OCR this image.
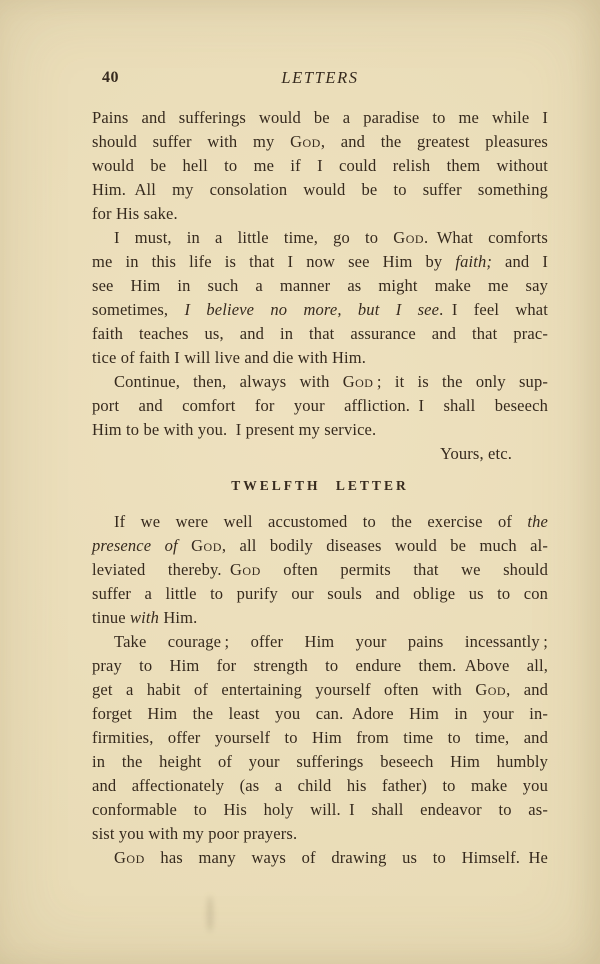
40	LETTERS
Pains and sufferings would be a paradise to me while I
should suffer with my God, and the greatest pleasures
would be hell to me if I could relish them without
Him. All my consolation would be to suffer something
for His sake.
I must, in a little time, go to God. What comforts
me in this life is that I now see Him by faith; and I
see Him in such a manner as might make me say
sometimes, I believe no more, but I see. I feel what
faith teaches us, and in that assurance and that prac-
tice of faith I will live and die with Him.
Continue, then, always with God ; it is the only sup-
port and comfort for your affliction. I shall beseech
Him to be with you. I present my service.
Yours, etc.
TWELFTH LETTER
If we were well accustomed to the exercise of the
presence of God, all bodily diseases would be much al-
leviated thereby. God often permits that we should
suffer a little to purify our souls and oblige us to con
tinue with Him.
Take courage ; offer Him your pains incessantly ;
pray to Him for strength to endure them. Above all,
get a habit of entertaining yourself often with God, and
forget Him the least you can. Adore Him in your in-
firmities, offer yourself to Him from time to time, and
in the height of your sufferings beseech Him humbly
and affectionately (as a child his father) to make you
conformable to His holy will. I shall endeavor to as-
sist you with my poor prayers.
God has many ways of drawing us to Himself. He
